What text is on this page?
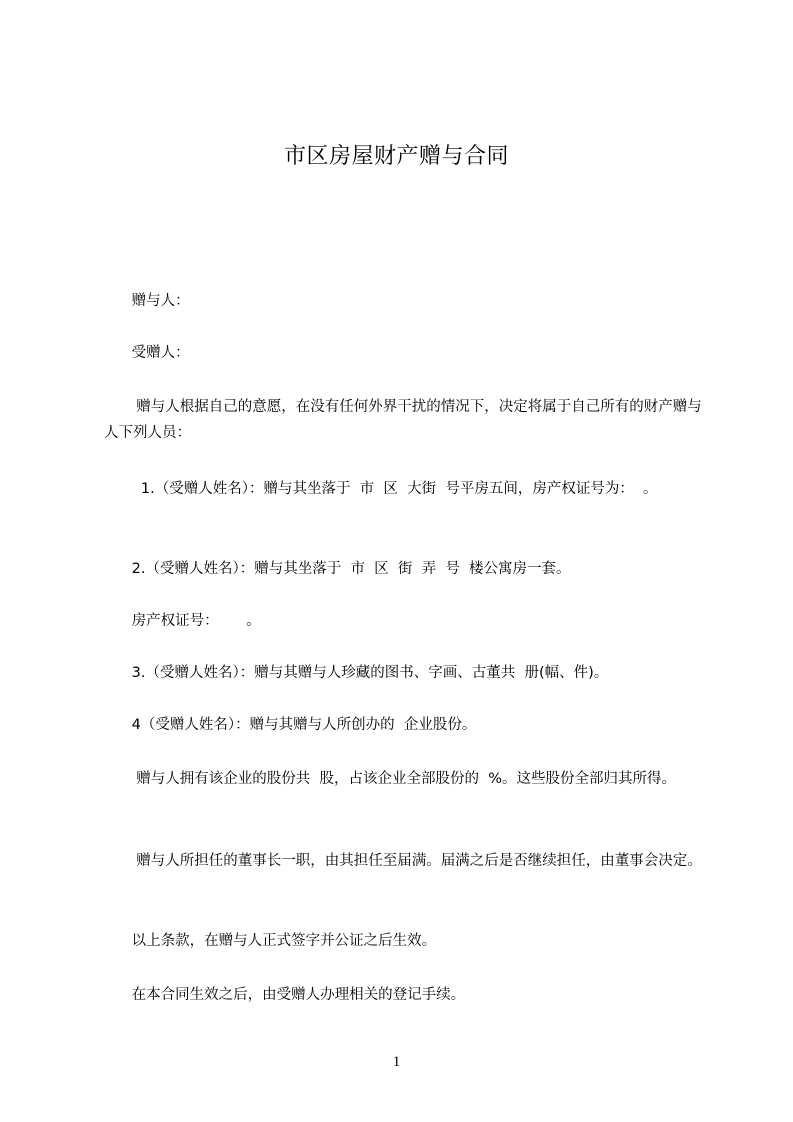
市区房屋财产赠与合同

赠与人：

受赠人：

赠与人根据自己的意愿，在没有任何外界干扰的情况下，决定将属于自己所有的财产赠与人下列人员：

1.（受赠人姓名）：赠与其坐落于  市  区  大街  号平房五间，房产权证号为：  。

2.（受赠人姓名）：赠与其坐落于  市  区  街  弄  号  楼公寓房一套。

房产权证号：      。

3.（受赠人姓名）：赠与其赠与人珍藏的图书、字画、古董共  册(幅、件)。

4（受赠人姓名）：赠与其赠与人所创办的  企业股份。

赠与人拥有该企业的股份共  股，占该企业全部股份的  %。这些股份全部归其所得。

赠与人所担任的董事长一职，由其担任至届满。届满之后是否继续担任，由董事会决定。

以上条款，在赠与人正式签字并公证之后生效。

在本合同生效之后，由受赠人办理相关的登记手续。

1
